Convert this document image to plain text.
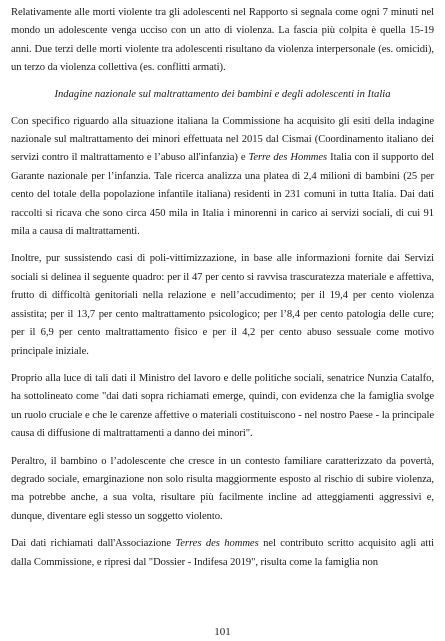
Relativamente alle morti violente tra gli adolescenti nel Rapporto si segnala come ogni 7 minuti nel mondo un adolescente venga ucciso con un atto di violenza. La fascia più colpita è quella 15-19 anni. Due terzi delle morti violente tra adolescenti risultano da violenza interpersonale (es. omicidi), un terzo da violenza collettiva (es. conflitti armati).

Indagine nazionale sul maltrattamento dei bambini e degli adolescenti in Italia

Con specifico riguardo alla situazione italiana la Commissione ha acquisito gli esiti della indagine nazionale sul maltrattamento dei minori effettuata nel 2015 dal Cismai (Coordinamento italiano dei servizi contro il maltrattamento e l’abuso all'infanzia) e Terre des Hommes Italia con il supporto del Garante nazionale per l’infanzia. Tale ricerca analizza una platea di 2,4 milioni di bambini (25 per cento del totale della popolazione infantile italiana) residenti in 231 comuni in tutta Italia. Dai dati raccolti si ricava che sono circa 450 mila in Italia i minorenni in carico ai servizi sociali, di cui 91 mila a causa di maltrattamenti.

Inoltre, pur sussistendo casi di poli-vittimizzazione, in base alle informazioni fornite dai Servizi sociali si delinea il seguente quadro: per il 47 per cento si ravvisa trascuratezza materiale e affettiva, frutto di difficoltà genitoriali nella relazione e nell’accudimento; per il 19,4 per cento violenza assistita; per il 13,7 per cento maltrattamento psicologico; per l’8,4 per cento patologia delle cure; per il 6,9 per cento maltrattamento fisico e per il 4,2 per cento abuso sessuale come motivo principale iniziale.

Proprio alla luce di tali dati il Ministro del lavoro e delle politiche sociali, senatrice Nunzia Catalfo, ha sottolineato come "dai dati sopra richiamati emerge, quindi, con evidenza che la famiglia svolge un ruolo cruciale e che le carenze affettive o materiali costituiscono - nel nostro Paese - la principale causa di diffusione di maltrattamenti a danno dei minori".

Peraltro, il bambino o l’adolescente che cresce in un contesto familiare caratterizzato da povertà, degrado sociale, emarginazione non solo risulta maggiormente esposto al rischio di subire violenza, ma potrebbe anche, a sua volta, risultare più facilmente incline ad atteggiamenti aggressivi e, dunque, diventare egli stesso un soggetto violento.

Dai dati richiamati dall'Associazione Terres des hommes nel contributo scritto acquisito agli atti dalla Commissione, e ripresi dal "Dossier - Indifesa 2019", risulta come la famiglia non

101
